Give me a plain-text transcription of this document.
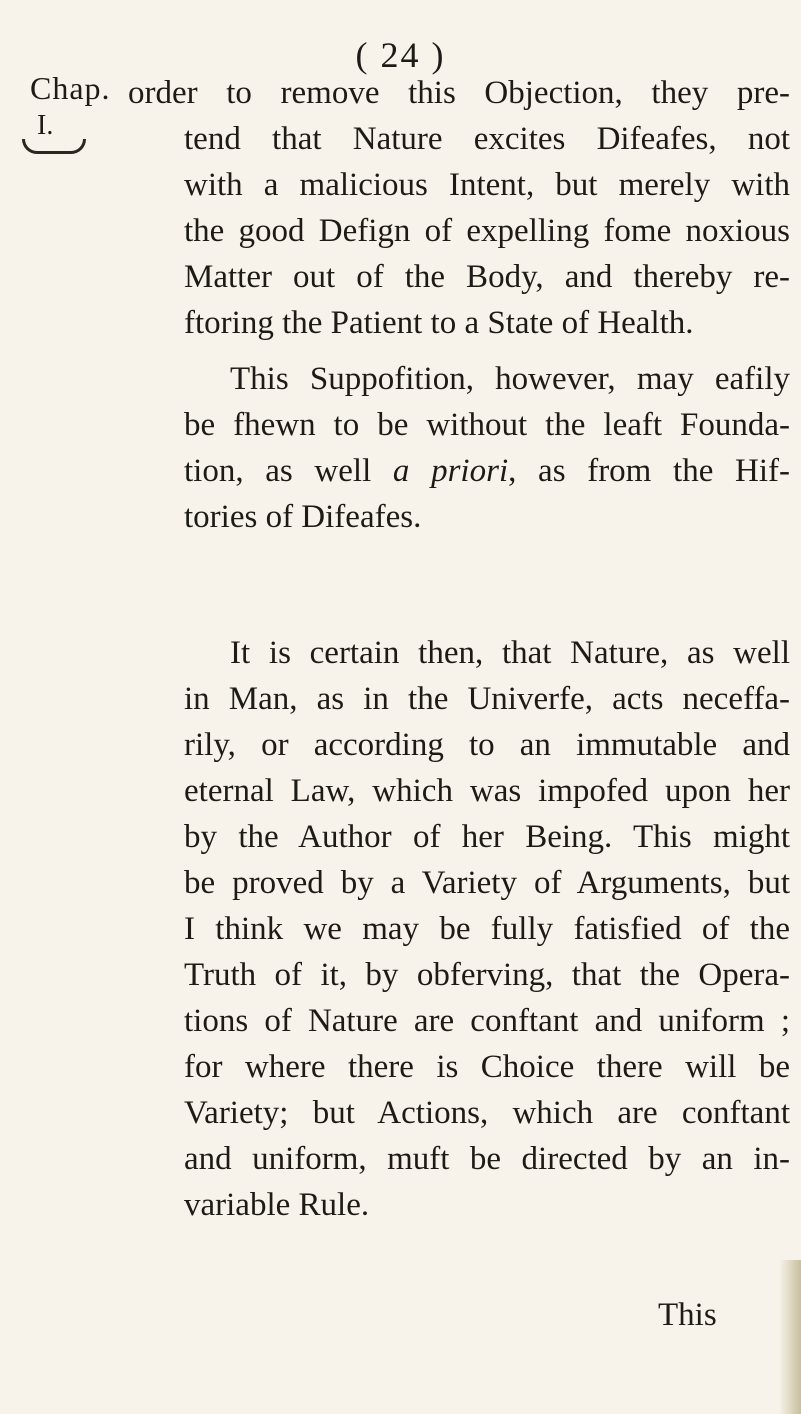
( 24 )
Chap.
I.
order to remove this Objection, they pre-
tend that Nature excites Difeafes, not
with a malicious Intent, but merely with
the good Defign of expelling fome noxious
Matter out of the Body, and thereby re-
ftoring the Patient to a State of Health.
This Suppofition, however, may eafily
be fhewn to be without the leaft Founda-
tion, as well a priori, as from the Hif-
tories of Difeafes.
It is certain then, that Nature, as well
in Man, as in the Univerfe, acts neceffa-
rily, or according to an immutable and
eternal Law, which was impofed upon her
by the Author of her Being. This might
be proved by a Variety of Arguments, but
I think we may be fully fatisfied of the
Truth of it, by obferving, that the Opera-
tions of Nature are conftant and uniform ;
for where there is Choice there will be
Variety; but Actions, which are conftant
and uniform, muft be directed by an in-
variable Rule.
This
